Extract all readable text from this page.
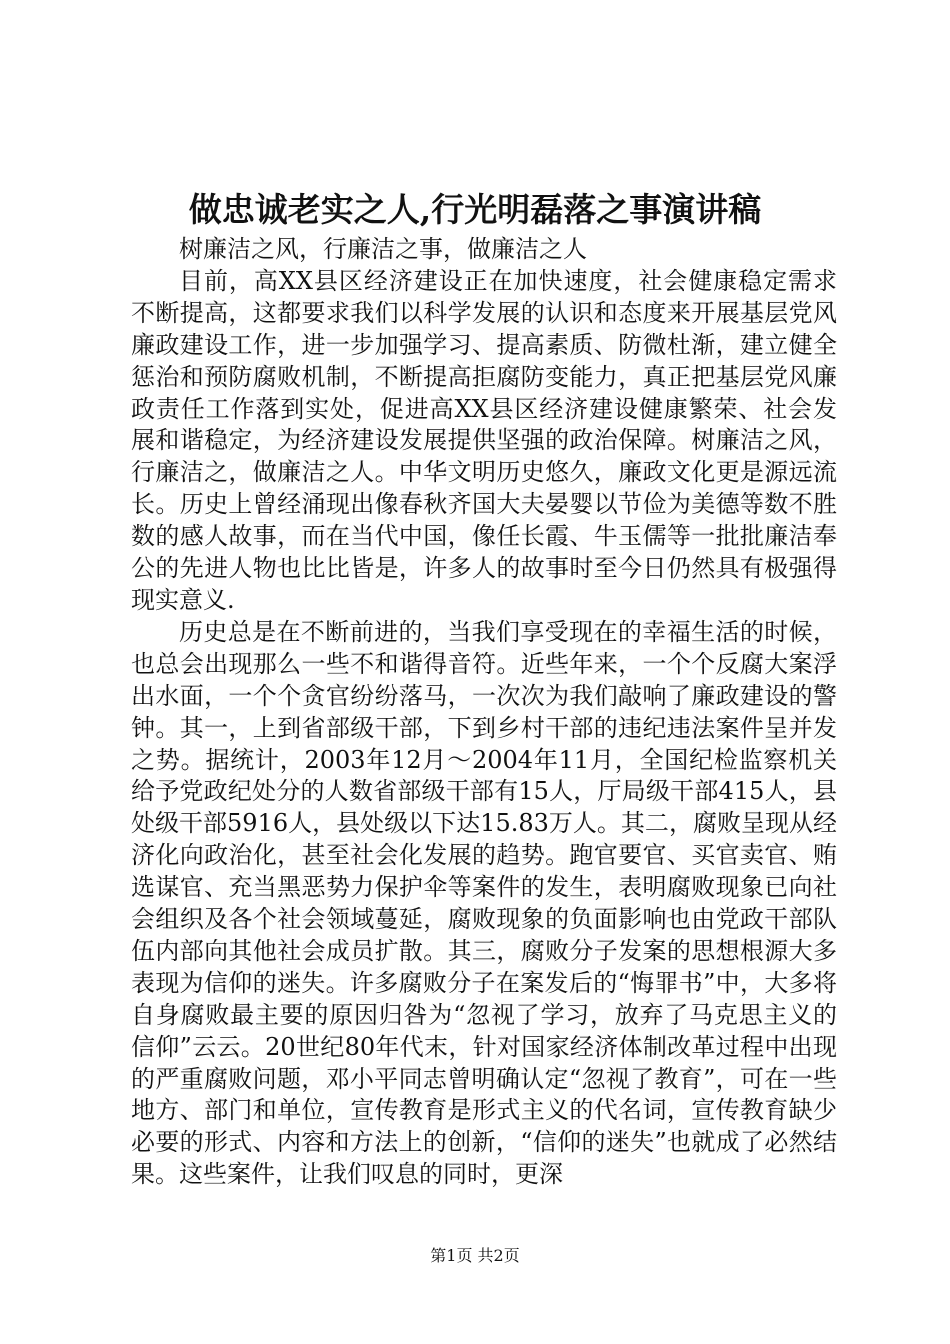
做忠诚老实之人,行光明磊落之事演讲稿

树廉洁之风，行廉洁之事，做廉洁之人

目前，高XX县区经济建设正在加快速度，社会健康稳定需求不断提高，这都要求我们以科学发展的认识和态度来开展基层党风廉政建设工作，进一步加强学习、提高素质、防微杜渐，建立健全惩治和预防腐败机制，不断提高拒腐防变能力，真正把基层党风廉政责任工作落到实处，促进高XX县区经济建设健康繁荣、社会发展和谐稳定，为经济建设发展提供坚强的政治保障。树廉洁之风，行廉洁之，做廉洁之人。中华文明历史悠久，廉政文化更是源远流长。历史上曾经涌现出像春秋齐国大夫晏婴以节俭为美德等数不胜数的感人故事，而在当代中国，像任长霞、牛玉儒等一批批廉洁奉公的先进人物也比比皆是，许多人的故事时至今日仍然具有极强得现实意义.

历史总是在不断前进的，当我们享受现在的幸福生活的时候，也总会出现那么一些不和谐得音符。近些年来，一个个反腐大案浮出水面，一个个贪官纷纷落马，一次次为我们敲响了廉政建设的警钟。其一，上到省部级干部，下到乡村干部的违纪违法案件呈并发之势。据统计，2003年12月～2004年11月，全国纪检监察机关给予党政纪处分的人数省部级干部有15人，厅局级干部415人，县处级干部5916人，县处级以下达15.83万人。其二，腐败呈现从经济化向政治化，甚至社会化发展的趋势。跑官要官、买官卖官、贿选谋官、充当黑恶势力保护伞等案件的发生，表明腐败现象已向社会组织及各个社会领域蔓延，腐败现象的负面影响也由党政干部队伍内部向其他社会成员扩散。其三，腐败分子发案的思想根源大多表现为信仰的迷失。许多腐败分子在案发后的“悔罪书”中，大多将自身腐败最主要的原因归咎为“忽视了学习，放弃了马克思主义的信仰”云云。20世纪80年代末，针对国家经济体制改革过程中出现的严重腐败问题，邓小平同志曾明确认定“忽视了教育”，可在一些地方、部门和单位，宣传教育是形式主义的代名词，宣传教育缺少必要的形式、内容和方法上的创新，“信仰的迷失”也就成了必然结果。这些案件，让我们叹息的同时，更深

第1页 共2页
